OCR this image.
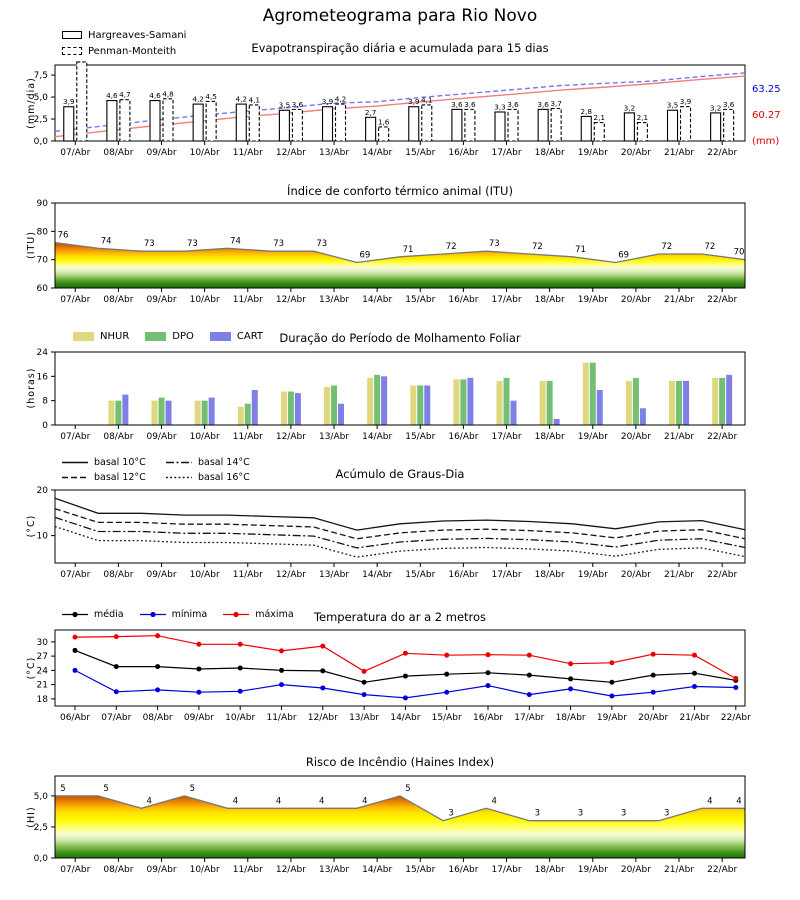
0,0
2,5
5,0
7,5
07/Abr 08/Abr 09/Abr 10/Abr 11/Abr 12/Abr 13/Abr 14/Abr 15/Abr 16/Abr 17/Abr 18/Abr 19/Abr 20/Abr 21/Abr 22/Abr
3,9
4,6 4,7	4,6 4,8
4,2 4,5	4,2 4,1
3,5 3,6	3,9 4,2
2,7
1,6
3,9 4,1	3,6 3,6	3,3 3,6	3,6 3,7
2,8
2,1
3,2
2,1
3,5 3,9
3,2 3,6
76
74	73	73	74	73	73
69
71	72	73	72	71
69
72	72
70
60
70
80
90
07/Abr 08/Abr 09/Abr 10/Abr 11/Abr 12/Abr 13/Abr 14/Abr 15/Abr 16/Abr 17/Abr 18/Abr 19/Abr 20/Abr 21/Abr 22/Abr
5	5
4
5
4	4	4	4
5
3
4
3	3	3	3
4	4
0,0
2,5
5,0
07/Abr 08/Abr 09/Abr 10/Abr 11/Abr 12/Abr 13/Abr 14/Abr 15/Abr 16/Abr 17/Abr 18/Abr 19/Abr 20/Abr 21/Abr 22/Abr
0
8
16
24
07/Abr 08/Abr 09/Abr 10/Abr 11/Abr 12/Abr 13/Abr 14/Abr 15/Abr 16/Abr 17/Abr 18/Abr 19/Abr 20/Abr 21/Abr 22/Abr
10
20
07/Abr 08/Abr 09/Abr 10/Abr 11/Abr 12/Abr 13/Abr 14/Abr 15/Abr 16/Abr 17/Abr 18/Abr 19/Abr 20/Abr 21/Abr 22/Abr
18
21
24
27
30
06/Abr 07/Abr 08/Abr 09/Abr 10/Abr 11/Abr 12/Abr 13/Abr 14/Abr 15/Abr 16/Abr 17/Abr 18/Abr 19/Abr 20/Abr 21/Abr 22/Abr
Agrometeograma para Rio Novo
Evapotranspiração diária e acumulada para 15 dias
Índice de conforto térmico animal (ITU)
Duração do Período de Molhamento Foliar
Acúmulo de Graus-Dia
Temperatura do ar a 2 metros
Risco de Incêndio (Haines Index)
(mm/dia)
(ITU)
(horas)
(°C)
(°C)
(HI)
63.25
60.27
(mm)
Hargreaves-Samani
Penman-Monteith
NHUR	DPO	CART
basal 10°C
basal 12°C
basal 14°C
basal 16°C
média	mínima	máxima
